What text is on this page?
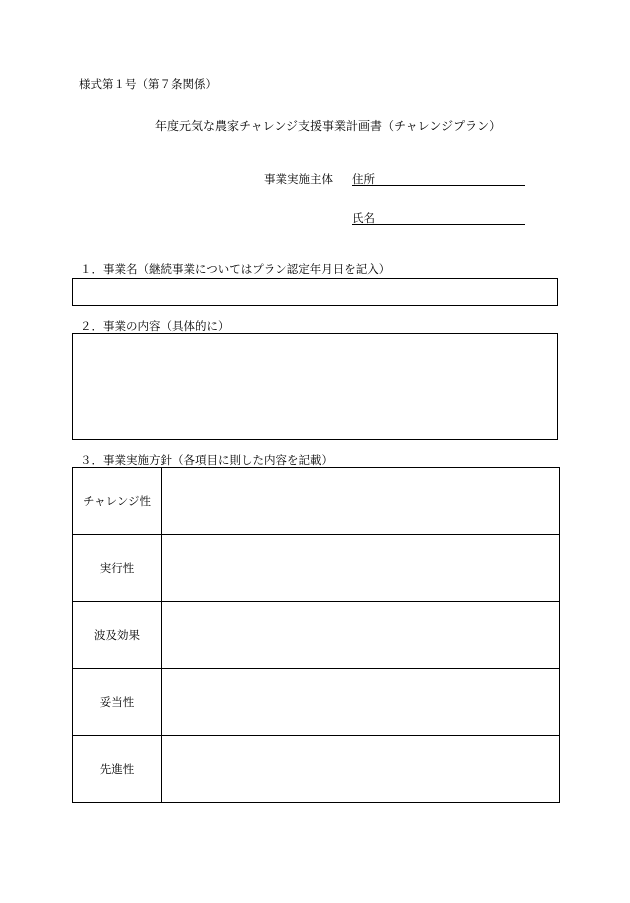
様式第１号（第７条関係）
年度元気な農家チャレンジ支援事業計画書（チャレンジプラン）
事業実施主体 住所
氏名
１．事業名（継続事業についてはプラン認定年月日を記入）
２．事業の内容（具体的に）
３．事業実施方針（各項目に則した内容を記載）
チャレンジ性	
実行性	
波及効果	
妥当性	
先進性	
